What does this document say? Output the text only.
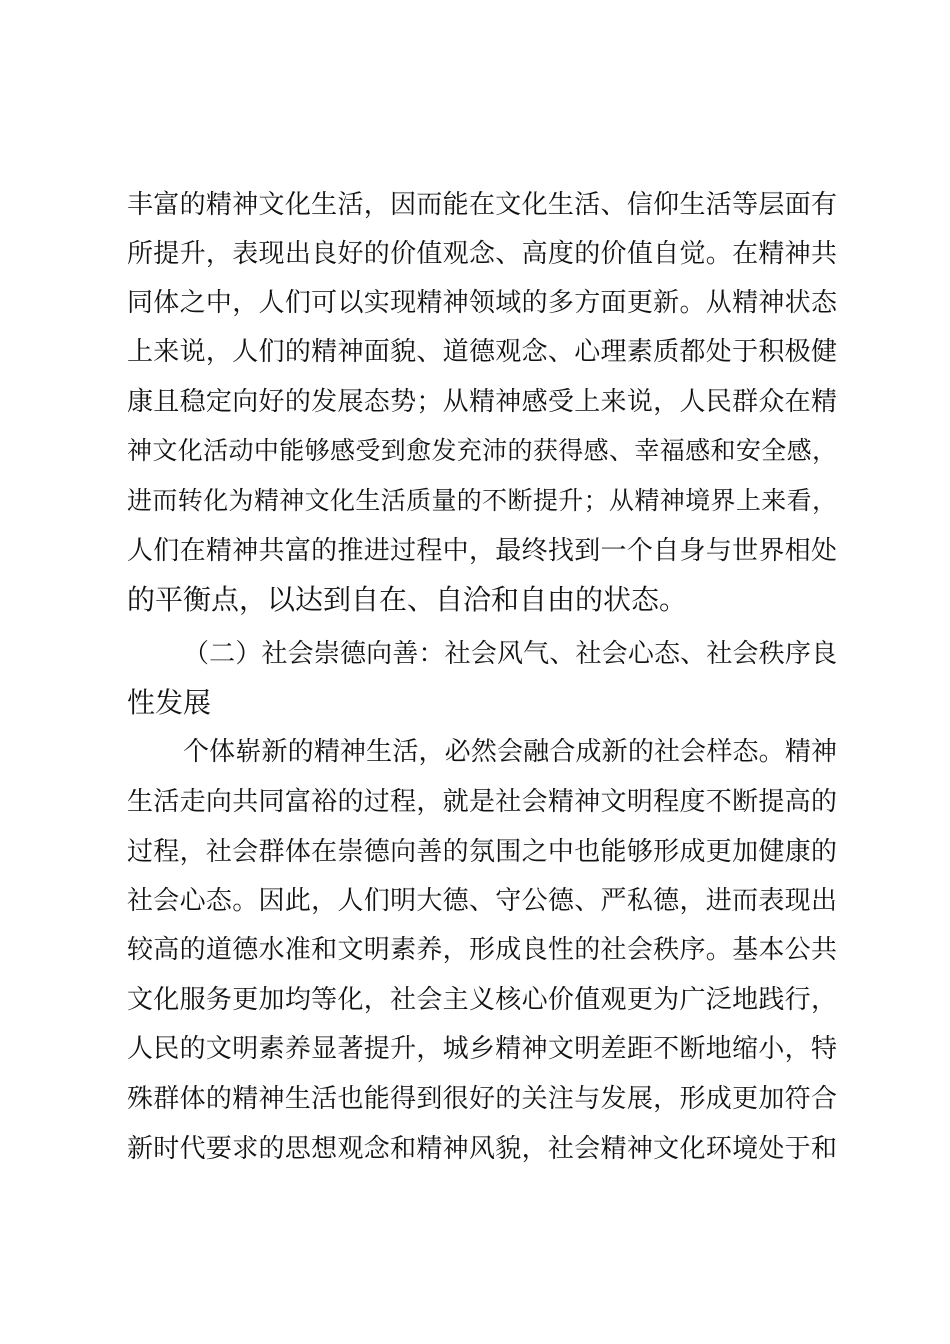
丰富的精神文化生活，因而能在文化生活、信仰生活等层面有
所提升，表现出良好的价值观念、高度的价值自觉。在精神共
同体之中，人们可以实现精神领域的多方面更新。从精神状态
上来说，人们的精神面貌、道德观念、心理素质都处于积极健
康且稳定向好的发展态势；从精神感受上来说，人民群众在精
神文化活动中能够感受到愈发充沛的获得感、幸福感和安全感，
进而转化为精神文化生活质量的不断提升；从精神境界上来看，
人们在精神共富的推进过程中，最终找到一个自身与世界相处
的平衡点，以达到自在、自洽和自由的状态。
（二）社会崇德向善：社会风气、社会心态、社会秩序良
性发展
个体崭新的精神生活，必然会融合成新的社会样态。精神
生活走向共同富裕的过程，就是社会精神文明程度不断提高的
过程，社会群体在崇德向善的氛围之中也能够形成更加健康的
社会心态。因此，人们明大德、守公德、严私德，进而表现出
较高的道德水准和文明素养，形成良性的社会秩序。基本公共
文化服务更加均等化，社会主义核心价值观更为广泛地践行，
人民的文明素养显著提升，城乡精神文明差距不断地缩小，特
殊群体的精神生活也能得到很好的关注与发展，形成更加符合
新时代要求的思想观念和精神风貌，社会精神文化环境处于和
